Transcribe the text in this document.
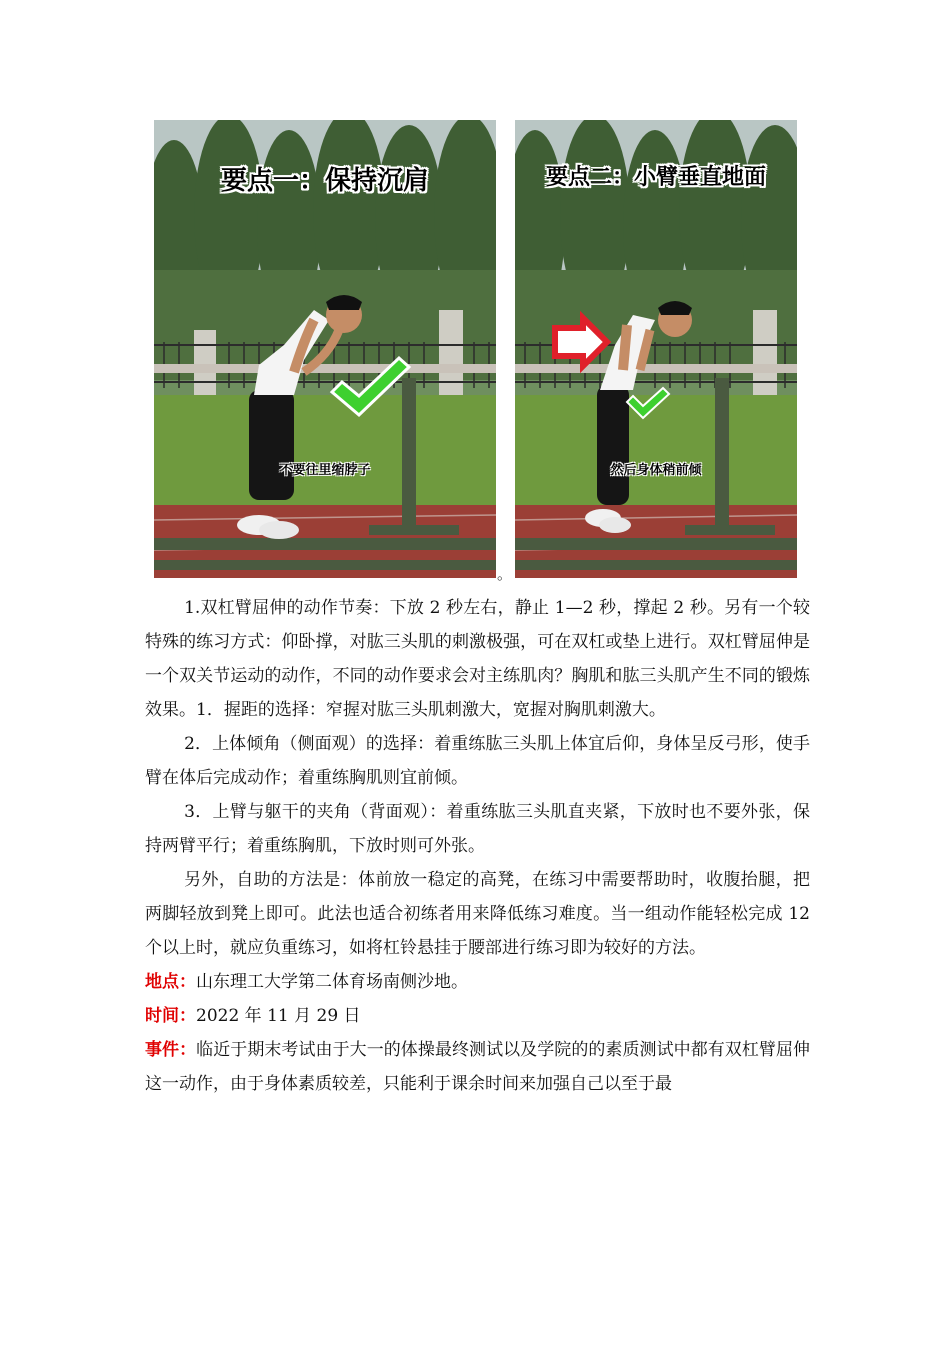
要点一：保持沉肩
不要往里缩脖子
要点二：小臂垂直地面
然后身体稍前倾
。

1.双杠臂屈伸的动作节奏：下放 2 秒左右，静止 1—2 秒，撑起 2 秒。另有一个较特殊的练习方式：仰卧撑，对肱三头肌的刺激极强，可在双杠或垫上进行。双杠臂屈伸是一个双关节运动的动作，不同的动作要求会对主练肌肉？胸肌和肱三头肌产生不同的锻炼效果。1．握距的选择：窄握对肱三头肌刺激大，宽握对胸肌刺激大。

2．上体倾角（侧面观）的选择：着重练肱三头肌上体宜后仰，身体呈反弓形，使手臂在体后完成动作；着重练胸肌则宜前倾。

3．上臂与躯干的夹角（背面观）：着重练肱三头肌直夹紧，下放时也不要外张，保持两臂平行；着重练胸肌，下放时则可外张。

另外，自助的方法是：体前放一稳定的高凳，在练习中需要帮助时，收腹抬腿，把两脚轻放到凳上即可。此法也适合初练者用来降低练习难度。当一组动作能轻松完成 12 个以上时，就应负重练习，如将杠铃悬挂于腰部进行练习即为较好的方法。

地点：山东理工大学第二体育场南侧沙地。

时间：2022 年 11 月 29 日

事件：临近于期末考试由于大一的体操最终测试以及学院的的素质测试中都有双杠臂屈伸这一动作，由于身体素质较差，只能利于课余时间来加强自己以至于最
